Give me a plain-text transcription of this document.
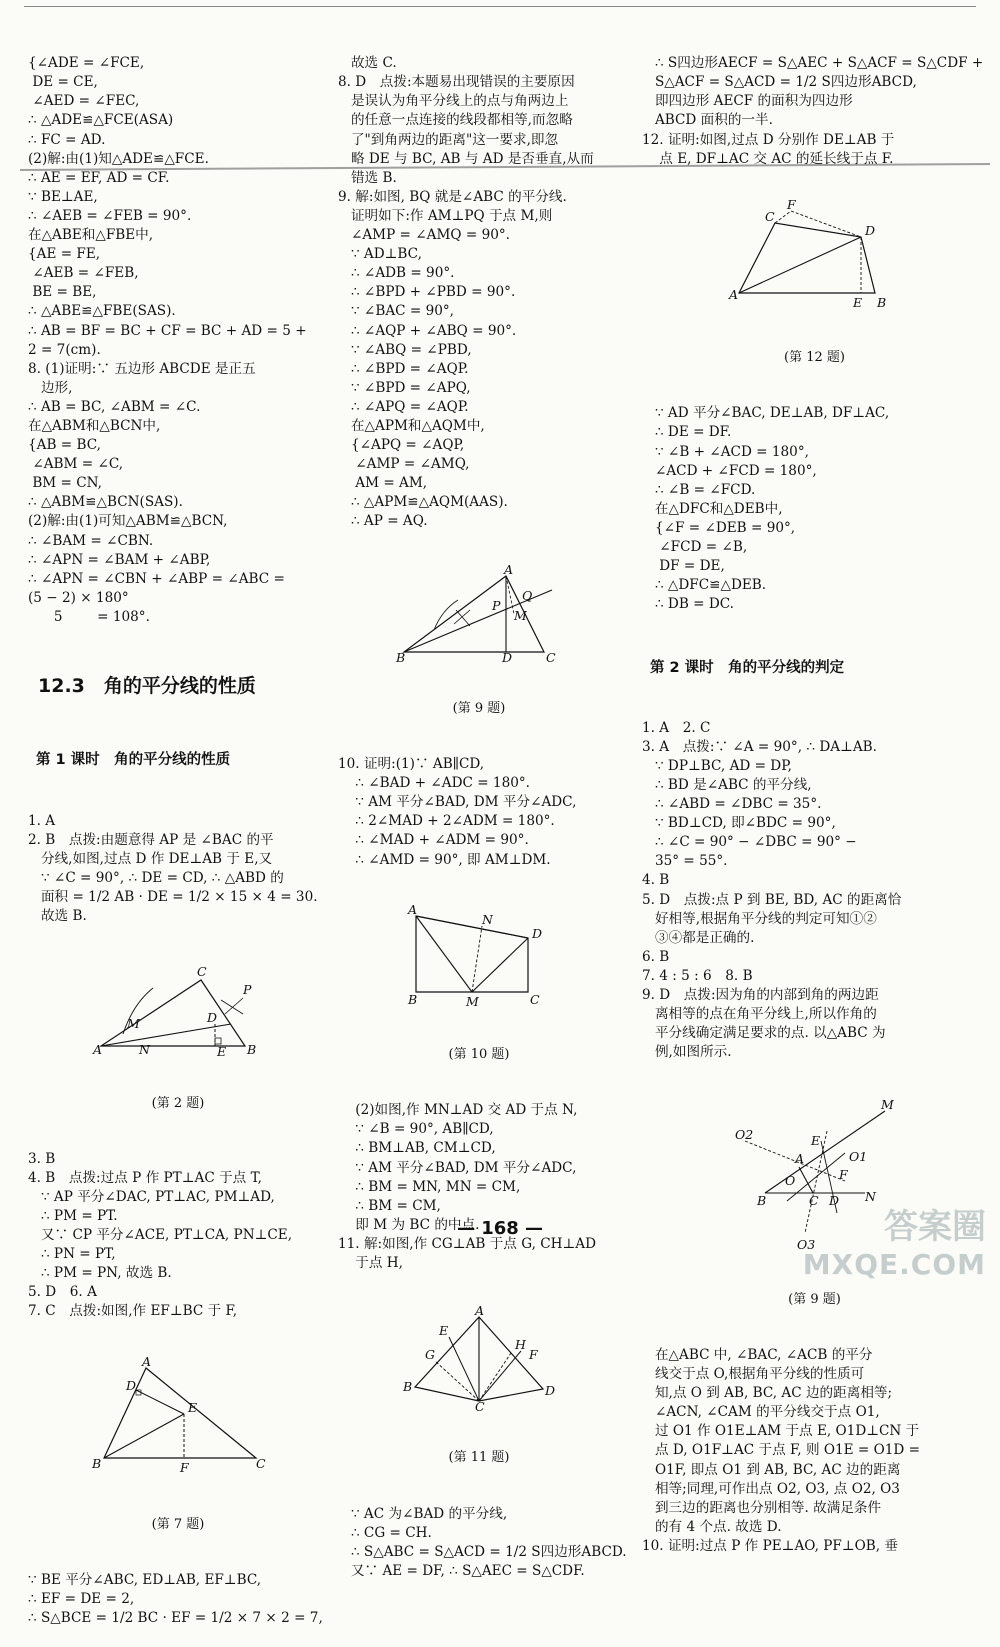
{∠ADE = ∠FCE,
DE = CE,
∠AED = ∠FEC,
∴ △ADE≌△FCE(ASA)
∴ FC = AD.
(2)解:由(1)知△ADE≌△FCE.
∴ AE = EF, AD = CF.
∵ BE⊥AE,
∴ ∠AEB = ∠FEB = 90°.
在△ABE和△FBE中,
{AE = FE,
∠AEB = ∠FEB,
BE = BE,
∴ △ABE≌△FBE(SAS).
∴ AB = BF = BC + CF = BC + AD = 5 +
2 = 7(cm).
8. (1)证明:∵ 五边形 ABCDE 是正五
边形,
∴ AB = BC, ∠ABM = ∠C.
在△ABM和△BCN中,
{AB = BC,
∠ABM = ∠C,
BM = CN,
∴ △ABM≌△BCN(SAS).
(2)解:由(1)可知△ABM≌△BCN,
∴ ∠BAM = ∠CBN.
∴ ∠APN = ∠BAM + ∠ABP,
∴ ∠APN = ∠CBN + ∠ABP = ∠ABC =
(5 − 2) × 180°
5        = 108°.

12.3　角的平分线的性质

第 1 课时　角的平分线的性质

1. A
2. B　点拨:由题意得 AP 是 ∠BAC 的平
分线,如图,过点 D 作 DE⊥AB 于 E,又
∵ ∠C = 90°, ∴ DE = CD, ∴ △ABD 的
面积 = 1/2 AB · DE = 1/2 × 15 × 4 = 30.
故选 B.

A	N	E B
C
D
M
P

(第 2 题)

3. B
4. B　点拨:过点 P 作 PT⊥AC 于点 T,
∵ AP 平分∠DAC, PT⊥AC, PM⊥AD,
∴ PM = PT.
又∵ CP 平分∠ACE, PT⊥CA, PN⊥CE,
∴ PN = PT,
∴ PM = PN, 故选 B.
5. D　6. A
7. C　点拨:如图,作 EF⊥BC 于 F,

A
D
E
B	F	C

(第 7 题)

∵ BE 平分∠ABC, ED⊥AB, EF⊥BC,
∴ EF = DE = 2,
∴ S△BCE = 1/2 BC · EF = 1/2 × 7 × 2 = 7,

故选 C.
8. D　点拨:本题易出现错误的主要原因
是误认为角平分线上的点与角两边上
的任意一点连接的线段都相等,而忽略
了"到角两边的距离"这一要求,即忽
略 DE 与 BC, AB 与 AD 是否垂直,从而
错选 B.
9. 解:如图, BQ 就是∠ABC 的平分线.
证明如下:作 AM⊥PQ 于点 M,则
∠AMP = ∠AMQ = 90°.
∵ AD⊥BC,
∴ ∠ADB = 90°.
∴ ∠BPD + ∠PBD = 90°.
∵ ∠BAC = 90°,
∴ ∠AQP + ∠ABQ = 90°.
∵ ∠ABQ = ∠PBD,
∴ ∠BPD = ∠AQP.
∵ ∠BPD = ∠APQ,
∴ ∠APQ = ∠AQP.
在△APM和△AQM中,
{∠APQ = ∠AQP,
∠AMP = ∠AMQ,
AM = AM,
∴ △APM≌△AQM(AAS).
∴ AP = AQ.

A
P
Q
M
B	D	C

(第 9 题)

10. 证明:(1)∵ AB∥CD,
∴ ∠BAD + ∠ADC = 180°.
∵ AM 平分∠BAD, DM 平分∠ADC,
∴ 2∠MAD + 2∠ADM = 180°.
∴ ∠MAD + ∠ADM = 90°.
∴ ∠AMD = 90°, 即 AM⊥DM.

A
N
D
B	M	C

(第 10 题)

(2)如图,作 MN⊥AD 交 AD 于点 N,
∵ ∠B = 90°, AB∥CD,
∴ BM⊥AB, CM⊥CD,
∵ AM 平分∠BAD, DM 平分∠ADC,
∴ BM = MN, MN = CM,
∴ BM = CM,
即 M 为 BC 的中点.
11. 解:如图,作 CG⊥AB 于点 G, CH⊥AD
于点 H,

A
E
G
H
F
B
C
D

(第 11 题)

∵ AC 为∠BAD 的平分线,
∴ CG = CH.
∴ S△ABC = S△ACD = 1/2 S四边形ABCD.
又∵ AE = DF, ∴ S△AEC = S△CDF.

∴ S四边形AECF = S△AEC + S△ACF = S△CDF +
S△ACF = S△ACD = 1/2 S四边形ABCD,
即四边形 AECF 的面积为四边形
ABCD 面积的一半.
12. 证明:如图,过点 D 分别作 DE⊥AB 于
点 E, DF⊥AC 交 AC 的延长线于点 F.

A
C
F
D
E B

(第 12 题)

∵ AD 平分∠BAC, DE⊥AB, DF⊥AC,
∴ DE = DF.
∵ ∠B + ∠ACD = 180°,
∠ACD + ∠FCD = 180°,
∴ ∠B = ∠FCD.
在△DFC和△DEB中,
{∠F = ∠DEB = 90°,
∠FCD = ∠B,
DF = DE,
∴ △DFC≌△DEB.
∴ DB = DC.

第 2 课时　角的平分线的判定

1. A　2. C
3. A　点拨:∵ ∠A = 90°, ∴ DA⊥AB.
∵ DP⊥BC, AD = DP,
∴ BD 是∠ABC 的平分线,
∴ ∠ABD = ∠DBC = 35°.
∵ BD⊥CD, 即∠BDC = 90°,
∴ ∠C = 90° − ∠DBC = 90° −
35° = 55°.
4. B
5. D　点拨:点 P 到 BE, BD, AC 的距离恰
好相等,根据角平分线的判定可知①②
③④都是正确的.
6. B
7. 4 : 5 : 6　8. B
9. D　点拨:因为角的内部到角的两边距
离相等的点在角平分线上,所以作角的
平分线确定满足要求的点. 以△ABC 为
例,如图所示.

M
E
A
O2
O1
O	F
B	C D N
O3

(第 9 题)

在△ABC 中, ∠BAC, ∠ACB 的平分
线交于点 O,根据角平分线的性质可
知,点 O 到 AB, BC, AC 边的距离相等;
∠ACN, ∠CAM 的平分线交于点 O1,
过 O1 作 O1E⊥AM 于点 E, O1D⊥CN 于
点 D, O1F⊥AC 于点 F, 则 O1E = O1D =
O1F, 即点 O1 到 AB, BC, AC 边的距离
相等;同理,可作出点 O2, O3, 点 O2, O3
到三边的距离也分别相等. 故满足条件
的有 4 个点. 故选 D.
10. 证明:过点 P 作 PE⊥AO, PF⊥OB, 垂

— 168 —	答案圈
MXQE.COM
